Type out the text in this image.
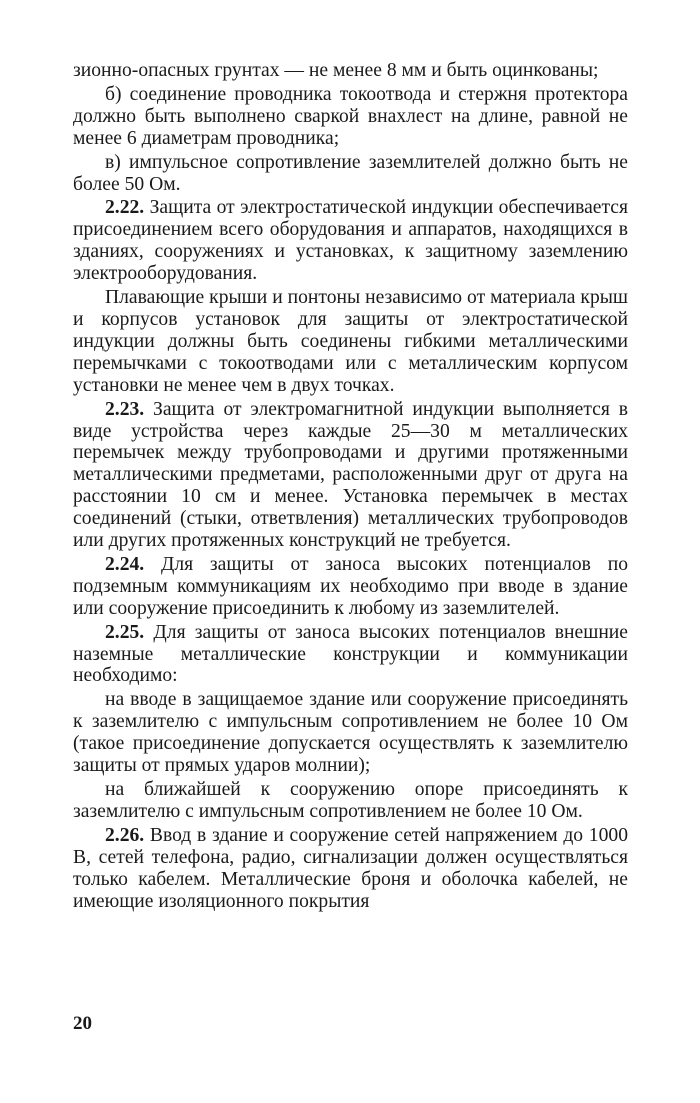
зионно-опасных грунтах — не менее 8 мм и быть оцинкованы;

б) соединение проводника токоотвода и стержня протектора должно быть выполнено сваркой внахлест на длине, равной не менее 6 диаметрам проводника;

в) импульсное сопротивление заземлителей должно быть не более 50 Ом.

2.22. Защита от электростатической индукции обеспечивается присоединением всего оборудования и аппаратов, находящихся в зданиях, сооружениях и установках, к защитному заземлению электрооборудования.

Плавающие крыши и понтоны независимо от материала крыш и корпусов установок для защиты от электростатической индукции должны быть соединены гибкими металлическими перемычками с токоотводами или с металлическим корпусом установки не менее чем в двух точках.

2.23. Защита от электромагнитной индукции выполняется в виде устройства через каждые 25—30 м металлических перемычек между трубопроводами и другими протяженными металлическими предметами, расположенными друг от друга на расстоянии 10 см и менее. Установка перемычек в местах соединений (стыки, ответвления) металлических трубопроводов или других протяженных конструкций не требуется.

2.24. Для защиты от заноса высоких потенциалов по подземным коммуникациям их необходимо при вводе в здание или сооружение присоединить к любому из заземлителей.

2.25. Для защиты от заноса высоких потенциалов внешние наземные металлические конструкции и коммуникации необходимо:

на вводе в защищаемое здание или сооружение присоединять к заземлителю с импульсным сопротивлением не более 10 Ом (такое присоединение допускается осуществлять к заземлителю защиты от прямых ударов молнии);

на ближайшей к сооружению опоре присоединять к заземлителю с импульсным сопротивлением не более 10 Ом.

2.26. Ввод в здание и сооружение сетей напряжением до 1000 В, сетей телефона, радио, сигнализации должен осуществляться только кабелем. Металлические броня и оболочка кабелей, не имеющие изоляционного покрытия

20
